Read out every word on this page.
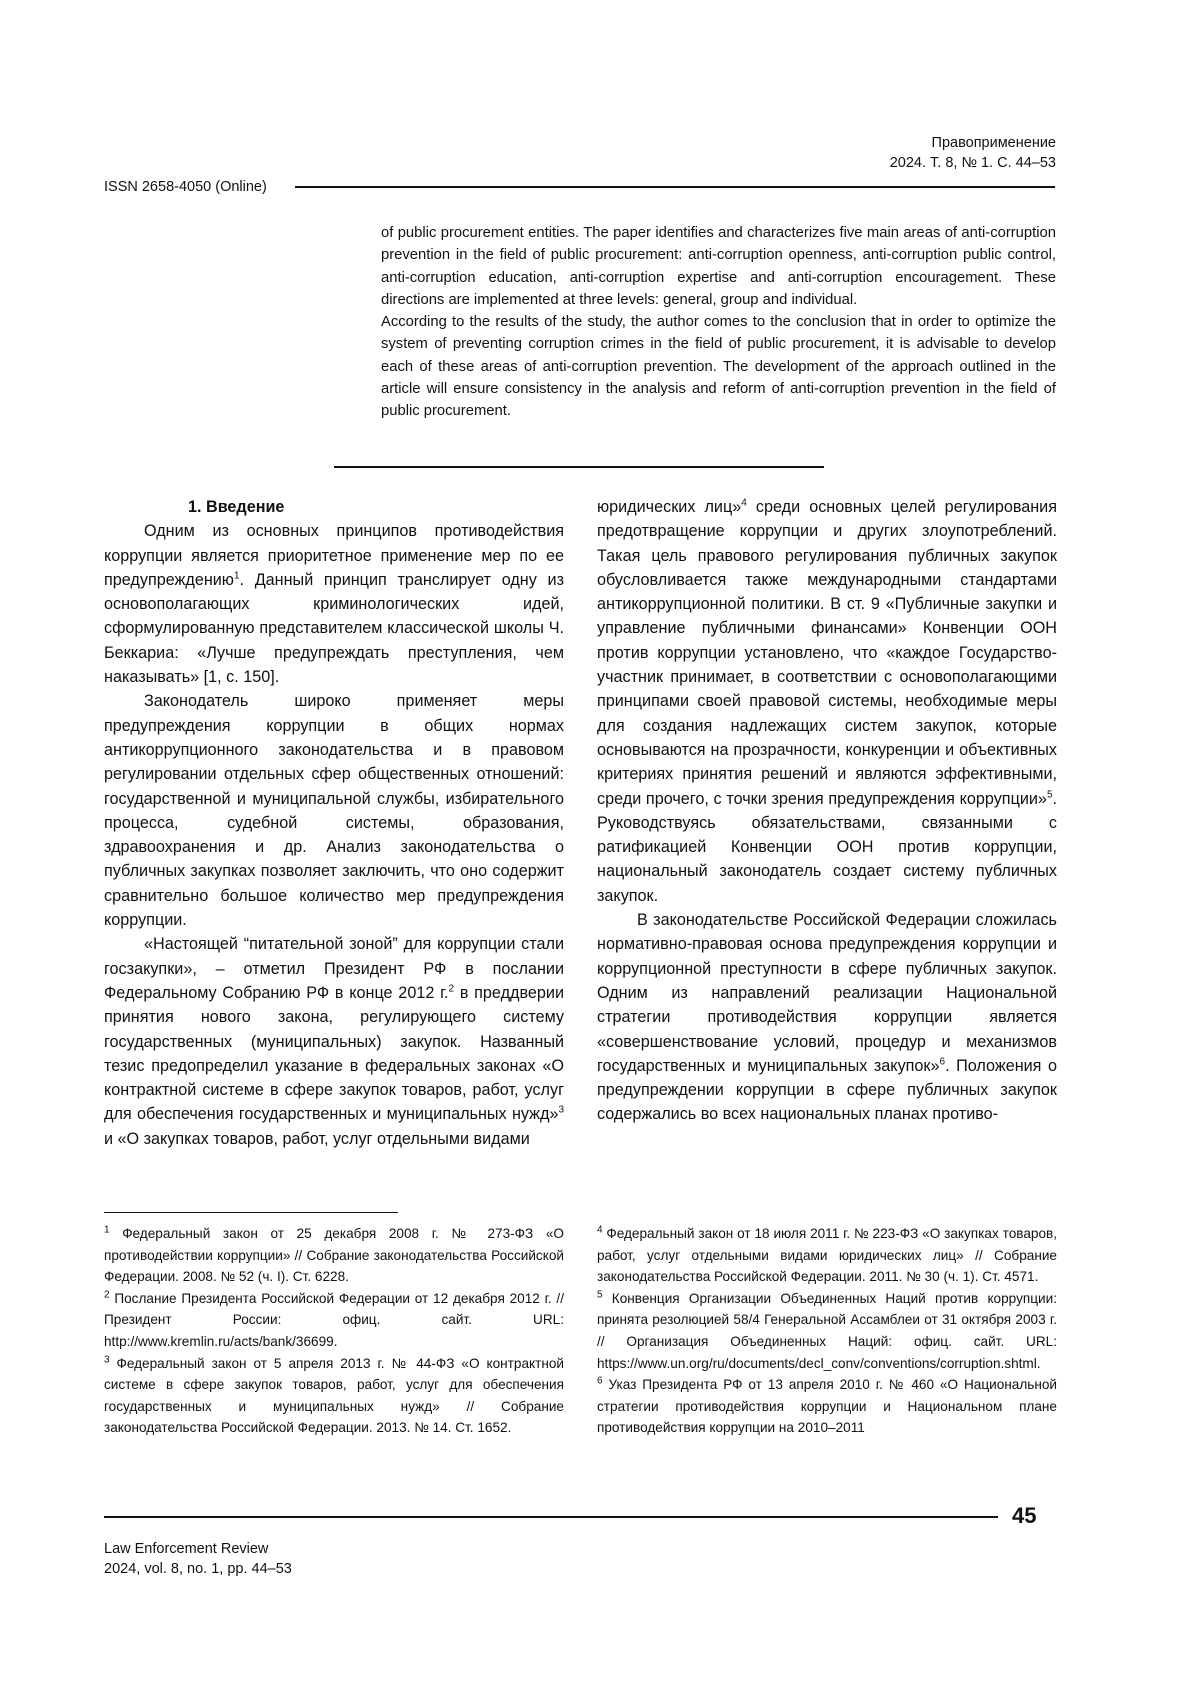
Правоприменение
2024. Т. 8, № 1. С. 44–53
ISSN 2658-4050 (Online)

of public procurement entities. The paper identifies and characterizes five main areas of anti-corruption prevention in the field of public procurement: anti-corruption openness, anti-corruption public control, anti-corruption education, anti-corruption expertise and anti-corruption encouragement. These directions are implemented at three levels: general, group and individual.

According to the results of the study, the author comes to the conclusion that in order to optimize the system of preventing corruption crimes in the field of public procurement, it is advisable to develop each of these areas of anti-corruption prevention. The development of the approach outlined in the article will ensure consistency in the analysis and reform of anti-corruption prevention in the field of public procurement.

1. Введение

Одним из основных принципов противодействия коррупции является приоритетное применение мер по ее предупреждению$^1$. Данный принцип транслирует одну из основополагающих криминологических идей, сформулированную представителем классической школы Ч. Беккариа: «Лучше предупреждать преступления, чем наказывать» [1, с. 150].

Законодатель широко применяет меры предупреждения коррупции в общих нормах антикоррупционного законодательства и в правовом регулировании отдельных сфер общественных отношений: государственной и муниципальной службы, избирательного процесса, судебной системы, образования, здравоохранения и др. Анализ законодательства о публичных закупках позволяет заключить, что оно содержит сравнительно большое количество мер предупреждения коррупции.

«Настоящей “питательной зоной” для коррупции стали госзакупки», – отметил Президент РФ в послании Федеральному Собранию РФ в конце 2012 г.$^2$ в преддверии принятия нового закона, регулирующего систему государственных (муниципальных) закупок. Названный тезис предопределил указание в федеральных законах «О контрактной системе в сфере закупок товаров, работ, услуг для обеспечения государственных и муниципальных нужд»$^3$ и «О закупках товаров, работ, услуг отдельными видами

юридических лиц»$^4$ среди основных целей регулирования предотвращение коррупции и других злоупотреблений. Такая цель правового регулирования публичных закупок обусловливается также международными стандартами антикоррупционной политики. В ст. 9 «Публичные закупки и управление публичными финансами» Конвенции ООН против коррупции установлено, что «каждое Государство-участник принимает, в соответствии с основополагающими принципами своей правовой системы, необходимые меры для создания надлежащих систем закупок, которые основываются на прозрачности, конкуренции и объективных критериях принятия решений и являются эффективными, среди прочего, с точки зрения предупреждения коррупции»$^5$. Руководствуясь обязательствами, связанными с ратификацией Конвенции ООН против коррупции, национальный законодатель создает систему публичных закупок.

В законодательстве Российской Федерации сложилась нормативно-правовая основа предупреждения коррупции и коррупционной преступности в сфере публичных закупок. Одним из направлений реализации Национальной стратегии противодействия коррупции является «совершенствование условий, процедур и механизмов государственных и муниципальных закупок»$^6$. Положения о предупреждении коррупции в сфере публичных закупок содержались во всех национальных планах противо-

$^1$ Федеральный закон от 25 декабря 2008 г. № 273-ФЗ «О противодействии коррупции» // Собрание законодательства Российской Федерации. 2008. № 52 (ч. I). Ст. 6228.

$^2$ Послание Президента Российской Федерации от 12 декабря 2012 г. // Президент России: офиц. сайт. URL: http://www.kremlin.ru/acts/bank/36699.

$^3$ Федеральный закон от 5 апреля 2013 г. № 44-ФЗ «О контрактной системе в сфере закупок товаров, работ, услуг для обеспечения государственных и муниципальных нужд» // Собрание законодательства Российской Федерации. 2013. № 14. Ст. 1652.

$^4$ Федеральный закон от 18 июля 2011 г. № 223-ФЗ «О закупках товаров, работ, услуг отдельными видами юридических лиц» // Собрание законодательства Российской Федерации. 2011. № 30 (ч. 1). Ст. 4571.

$^5$ Конвенция Организации Объединенных Наций против коррупции: принята резолюцией 58/4 Генеральной Ассамблеи от 31 октября 2003 г. // Организация Объединенных Наций: офиц. сайт. URL: https://www.un.org/ru/documents/decl_conv/conventions/corruption.shtml.

$^6$ Указ Президента РФ от 13 апреля 2010 г. № 460 «О Национальной стратегии противодействия коррупции и Национальном плане противодействия коррупции на 2010–2011

45
Law Enforcement Review
2024, vol. 8, no. 1, pp. 44–53
